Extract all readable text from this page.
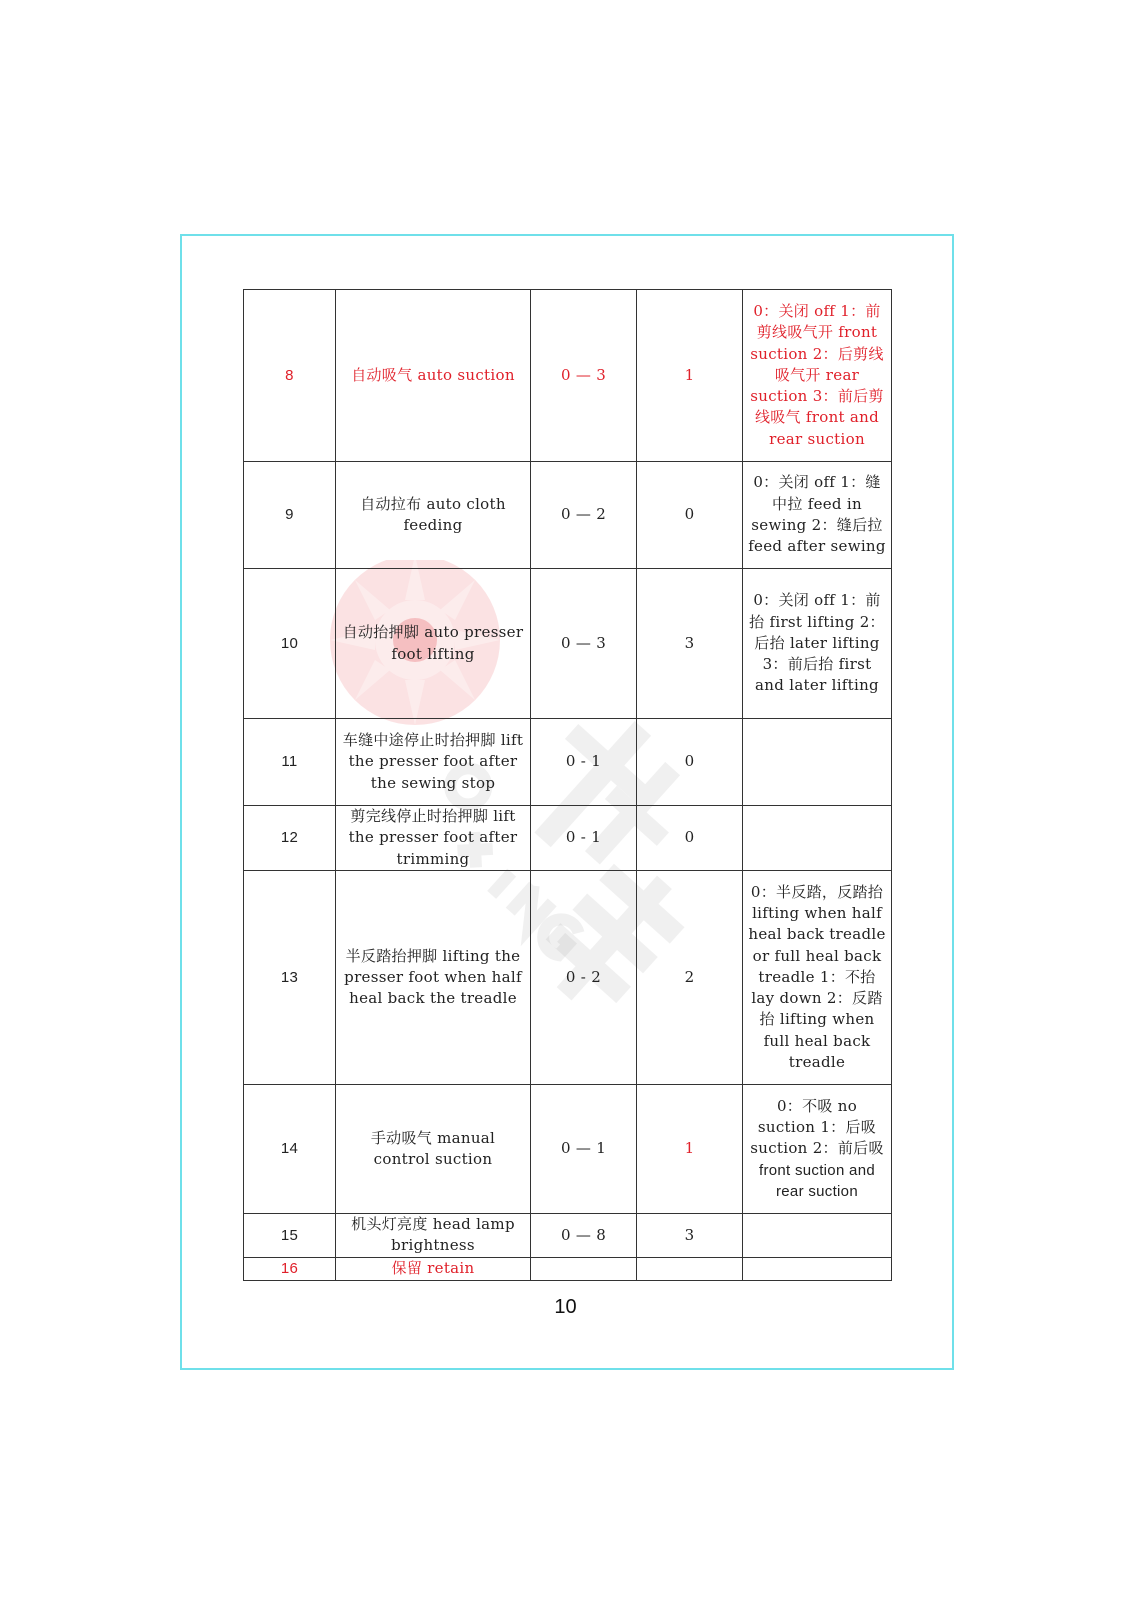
8	自动吸气 auto suction	0 — 3	1	0：关闭 off 1：前剪线吸气开 front suction 2：后剪线吸气开 rear suction 3：前后剪线吸气 front and rear suction
9	自动拉布 auto cloth feeding	0 — 2	0	0：关闭 off 1：缝中拉 feed in sewing 2：缝后拉 feed after sewing
10	自动抬押脚 auto presser foot lifting	0 — 3	3	0：关闭 off 1：前抬 first lifting 2：后抬 later lifting 3：前后抬 first and later lifting
11	车缝中途停止时抬押脚 lift the presser foot after the sewing stop	0 - 1	0	
12	剪完线停止时抬押脚 lift the presser foot after trimming	0 - 1	0	
13	半反踏抬押脚 lifting the presser foot when half heal back the treadle	0 - 2	2	0：半反踏，反踏抬 lifting when half heal back treadle or full heal back treadle 1：不抬 lay down 2：反踏抬 lifting when full heal back treadle
14	手动吸气 manual control suction	0 — 1	1	0：不吸 no suction 1：后吸 suction 2：前后吸 front suction and rear suction
15	机头灯亮度 head lamp brightness	0 — 8	3	
16	保留 retain			
10
